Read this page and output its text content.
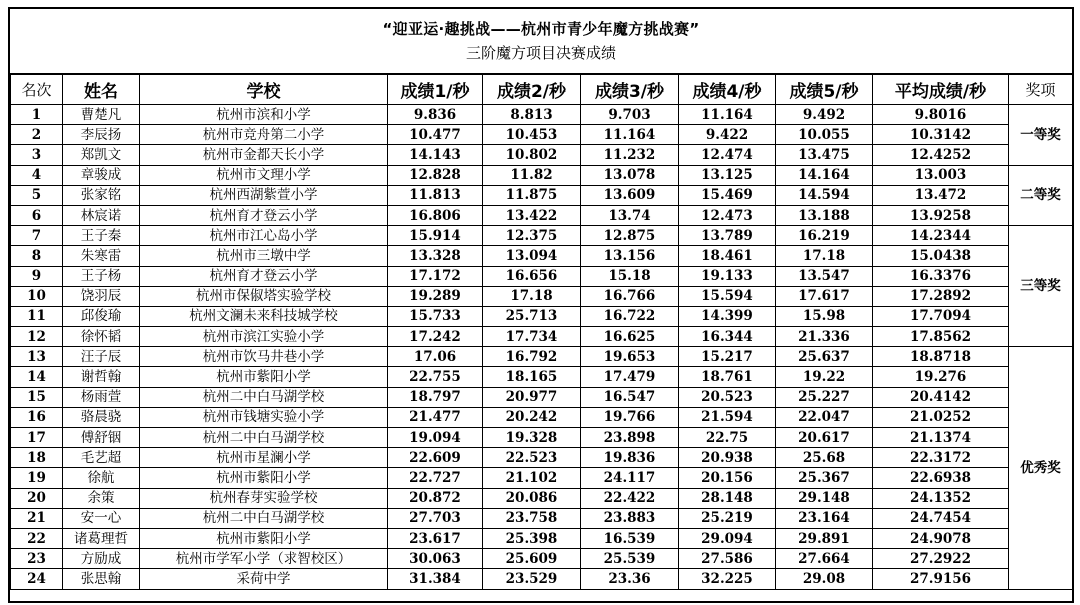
“迎亚运·趣挑战——杭州市青少年魔方挑战赛”
三阶魔方项目决赛成绩
名次	姓名	学校	成绩1/秒	成绩2/秒	成绩3/秒	成绩4/秒	成绩5/秒	平均成绩/秒	奖项
1	曹楚凡	杭州市滨和小学	9.836	8.813	9.703	11.164	9.492	9.8016	一等奖
2	李辰扬	杭州市竞舟第二小学	10.477	10.453	11.164	9.422	10.055	10.3142	
3	郑凯文	杭州市金都天长小学	14.143	10.802	11.232	12.474	13.475	12.4252	
4	章骏成	杭州市文理小学	12.828	11.82	13.078	13.125	14.164	13.003	二等奖
5	张家铭	杭州西湖紫萱小学	11.813	11.875	13.609	15.469	14.594	13.472	
6	林宸诺	杭州育才登云小学	16.806	13.422	13.74	12.473	13.188	13.9258	
7	王子秦	杭州市江心岛小学	15.914	12.375	12.875	13.789	16.219	14.2344	三等奖
8	朱寒雷	杭州市三墩中学	13.328	13.094	13.156	18.461	17.18	15.0438	
9	王子杨	杭州育才登云小学	17.172	16.656	15.18	19.133	13.547	16.3376	
10	饶羽辰	杭州市保俶塔实验学校	19.289	17.18	16.766	15.594	17.617	17.2892	
11	邱俊瑜	杭州文澜未来科技城学校	15.733	25.713	16.722	14.399	15.98	17.7094	
12	徐怀韬	杭州市滨江实验小学	17.242	17.734	16.625	16.344	21.336	17.8562	
13	汪子辰	杭州市饮马井巷小学	17.06	16.792	19.653	15.217	25.637	18.8718	优秀奖
14	谢哲翰	杭州市紫阳小学	22.755	18.165	17.479	18.761	19.22	19.276	
15	杨雨萱	杭州二中白马湖学校	18.797	20.977	16.547	20.523	25.227	20.4142	
16	骆晨骁	杭州市钱塘实验小学	21.477	20.242	19.766	21.594	22.047	21.0252	
17	傅舒铟	杭州二中白马湖学校	19.094	19.328	23.898	22.75	20.617	21.1374	
18	毛艺超	杭州市星澜小学	22.609	22.523	19.836	20.938	25.68	22.3172	
19	徐航	杭州市紫阳小学	22.727	21.102	24.117	20.156	25.367	22.6938	
20	余策	杭州春芽实验学校	20.872	20.086	22.422	28.148	29.148	24.1352	
21	安一心	杭州二中白马湖学校	27.703	23.758	23.883	25.219	23.164	24.7454	
22	诸葛理哲	杭州市紫阳小学	23.617	25.398	16.539	29.094	29.891	24.9078	
23	方励成	杭州市学军小学（求智校区）	30.063	25.609	25.539	27.586	27.664	27.2922	
24	张思翰	采荷中学	31.384	23.529	23.36	32.225	29.08	27.9156	
